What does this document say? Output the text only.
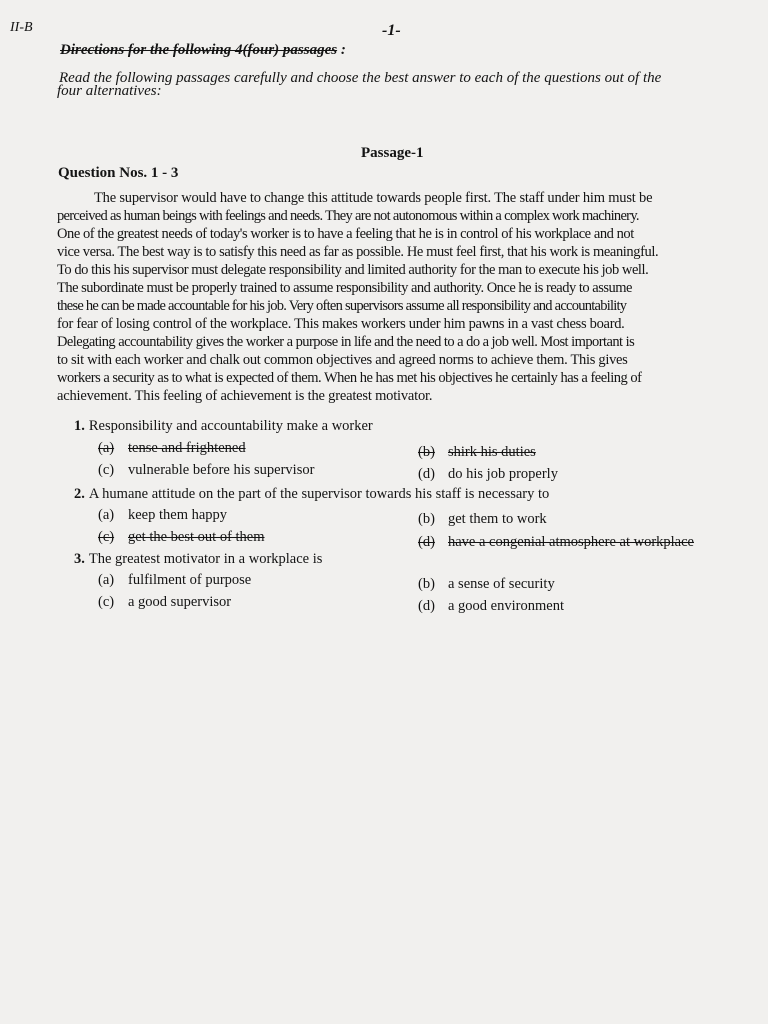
II-B	-1-
Directions for the following 4(four) passages :
Read the following passages carefully and choose the best answer to each of the questions out of the
four alternatives:
Passage-1
Question Nos. 1 - 3
The supervisor would have to change this attitude towards people first. The staff under him must be
perceived as human beings with feelings and needs. They are not autonomous within a complex work machinery.
One of the greatest needs of today's worker is to have a feeling that he is in control of his workplace and not
vice versa. The best way is to satisfy this need as far as possible. He must feel first, that his work is meaningful.
To do this his supervisor must delegate responsibility and limited authority for the man to execute his job well.
The subordinate must be properly trained to assume responsibility and authority. Once he is ready to assume
these he can be made accountable for his job. Very often supervisors assume all responsibility and accountability
for fear of losing control of the workplace. This makes workers under him pawns in a vast chess board.
Delegating accountability gives the worker a purpose in life and the need to a do a job well. Most important is
to sit with each worker and chalk out common objectives and agreed norms to achieve them. This gives
workers a security as to what is expected of them. When he has met his objectives he certainly has a feeling of
achievement. This feeling of achievement is the greatest motivator.
1. Responsibility and accountability make a worker
(a) tense and frightened	(b) shirk his duties
(c) vulnerable before his supervisor	(d) do his job properly
2. A humane attitude on the part of the supervisor towards his staff is necessary to
(a) keep them happy	(b) get them to work
(c) get the best out of them	(d) have a congenial atmosphere at workplace
3. The greatest motivator in a workplace is
(a) fulfilment of purpose	(b) a sense of security
(c) a good supervisor	(d) a good environment
